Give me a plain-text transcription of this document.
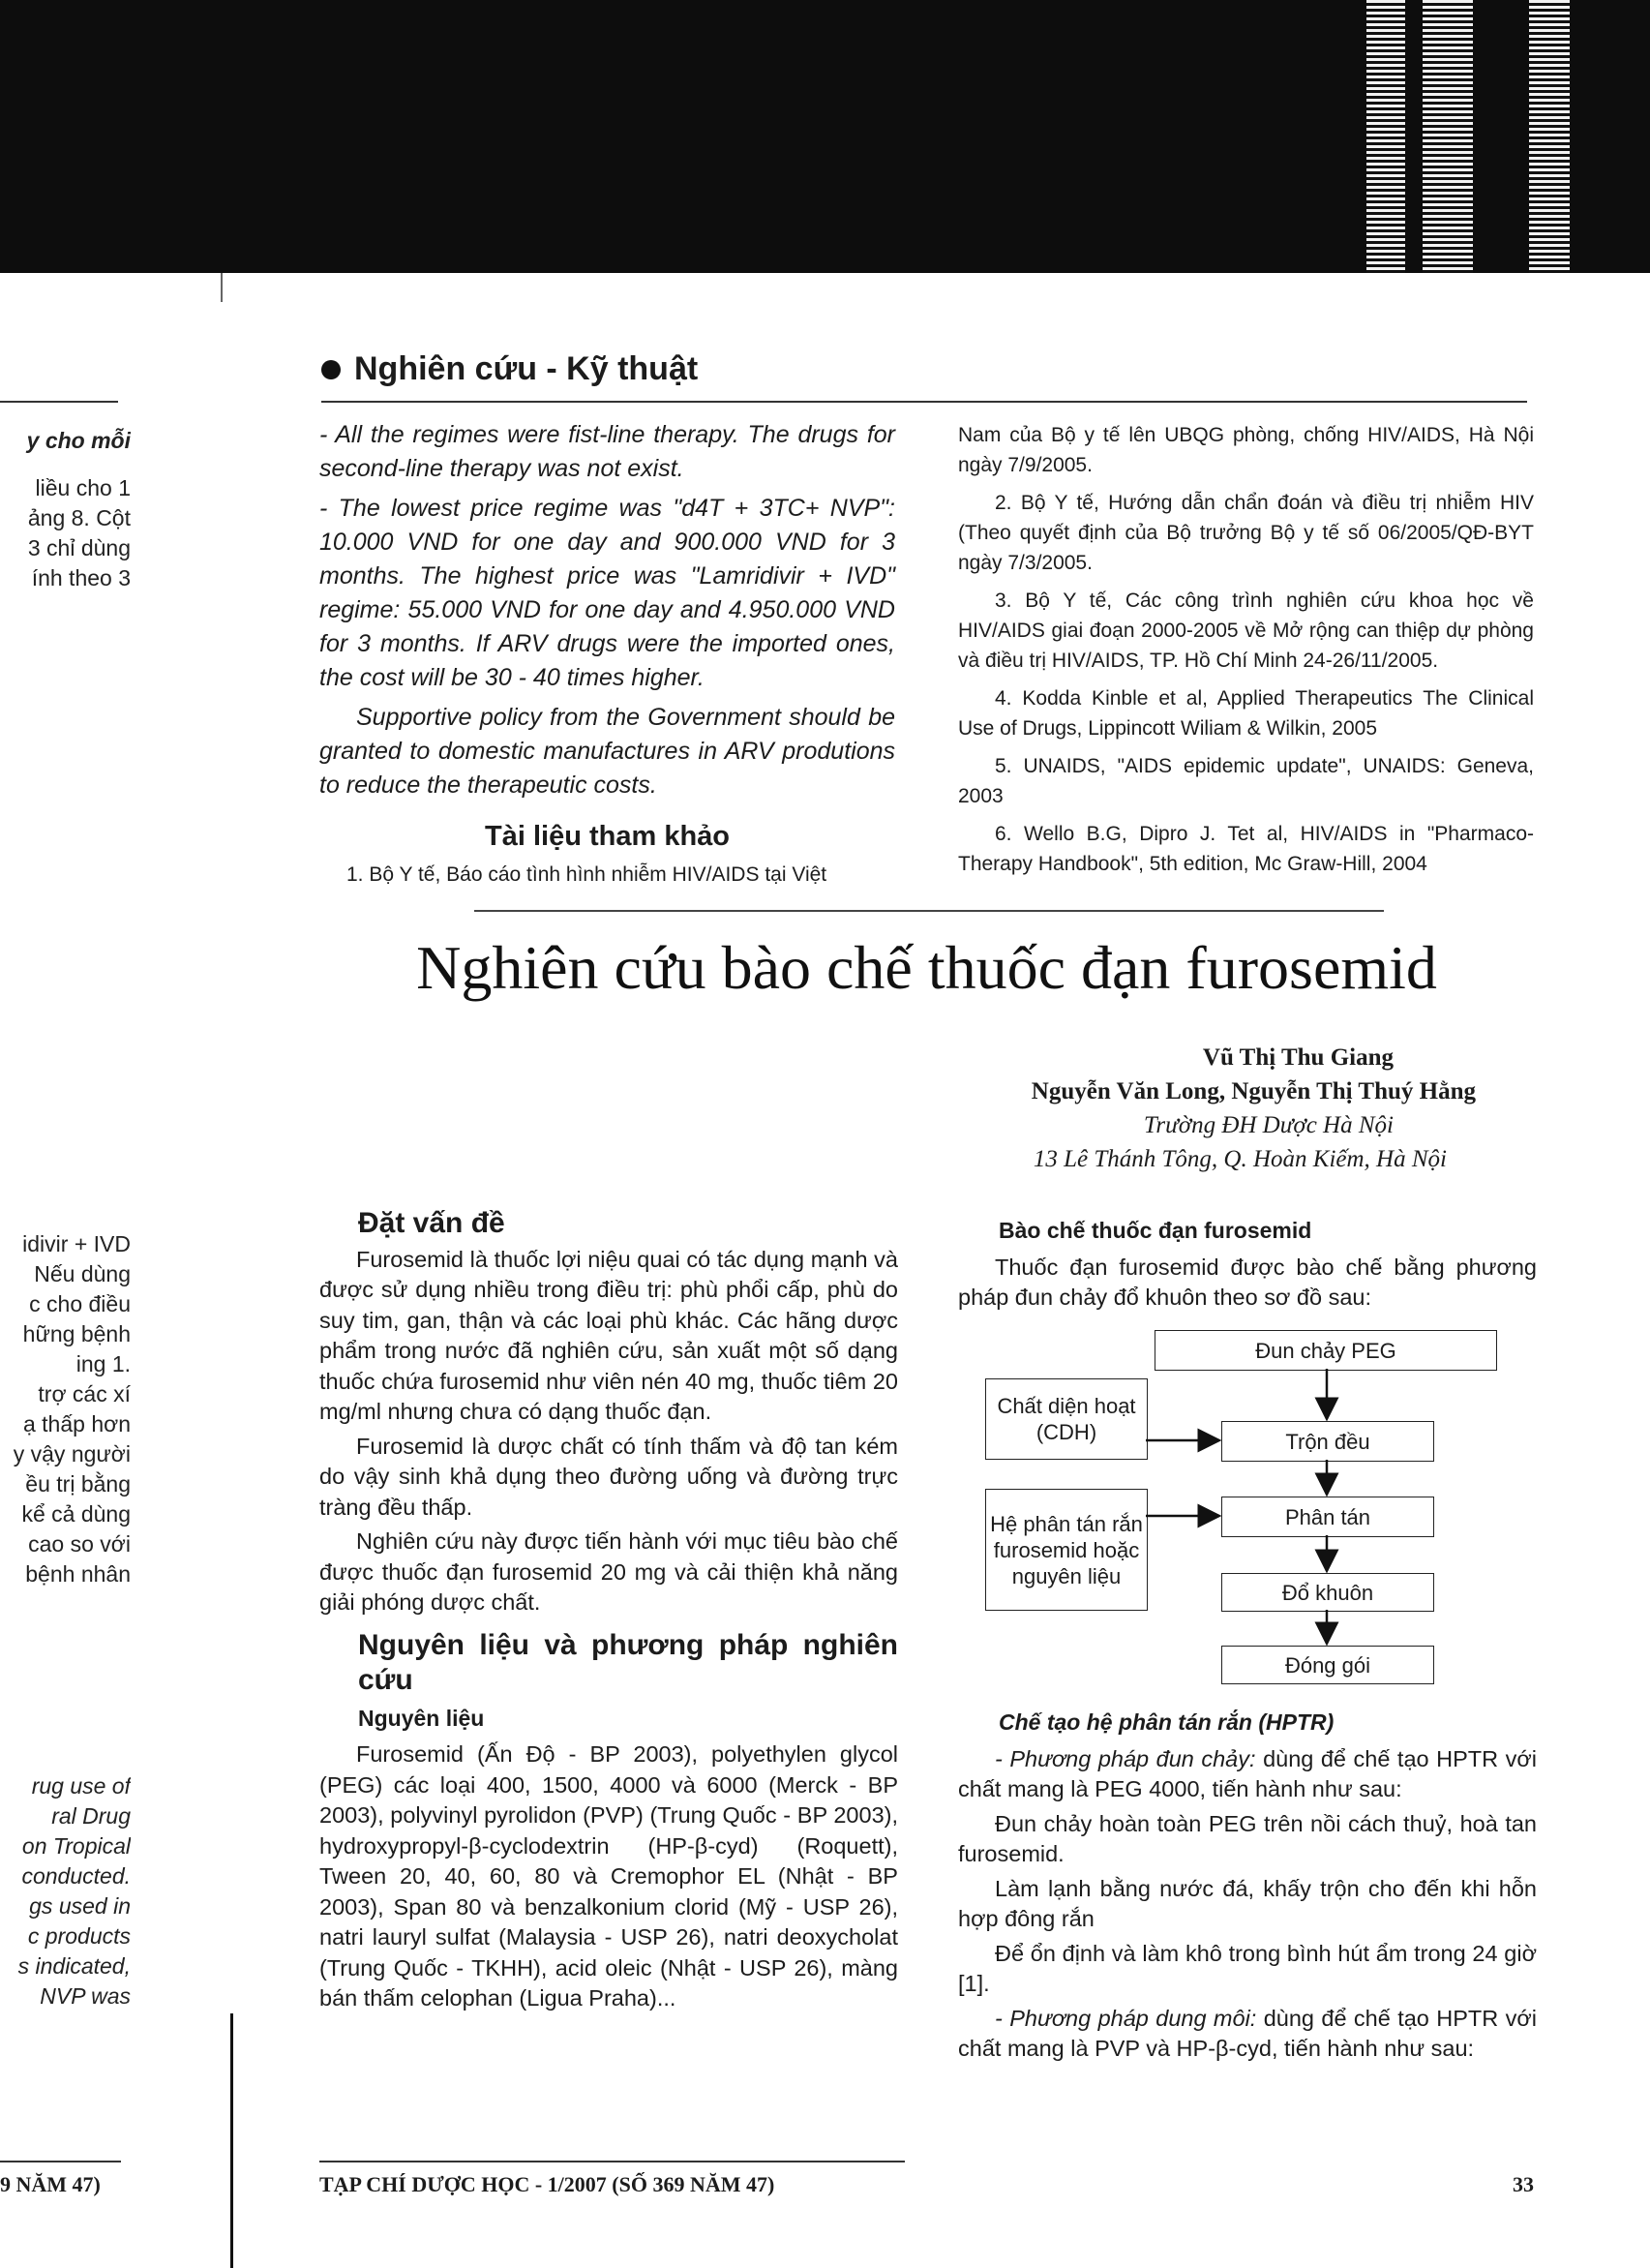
Nghiên cứu - Kỹ thuật
y cho mỗi
liều cho 1
ảng 8. Cột
3 chỉ dùng
ính theo 3
idivir + IVD
Nếu dùng
c cho điều
hững bệnh
ing 1.
trợ các xí
ạ thấp hơn
y vậy người
ều trị bằng
kể cả dùng
cao so với
bệnh nhân
rug use of
ral Drug
on Tropical
conducted.
gs used in
c products
s indicated,
NVP was

- All the regimes were fist-line therapy. The drugs for second-line therapy was not exist.

- The lowest price regime was "d4T + 3TC+ NVP": 10.000 VND for one day and 900.000 VND for 3 months. The highest price was "Lamridivir + IVD" regime: 55.000 VND for one day and 4.950.000 VND for 3 months. If ARV drugs were the imported ones, the cost will be 30 - 40 times higher.

Supportive policy from the Government should be granted to domestic manufactures in ARV produtions to reduce the therapeutic costs.

Tài liệu tham khảo
1. Bộ Y tế, Báo cáo tình hình nhiễm HIV/AIDS tại Việt

Nam của Bộ y tế lên UBQG phòng, chống HIV/AIDS, Hà Nội ngày 7/9/2005.

2. Bộ Y tế, Hướng dẫn chẩn đoán và điều trị nhiễm HIV (Theo quyết định của Bộ trưởng Bộ y tế số 06/2005/QĐ-BYT ngày 7/3/2005.

3. Bộ Y tế, Các công trình nghiên cứu khoa học về HIV/AIDS giai đoạn 2000-2005 về Mở rộng can thiệp dự phòng và điều trị HIV/AIDS, TP. Hồ Chí Minh 24-26/11/2005.

4. Kodda Kinble et al, Applied Therapeutics The Clinical Use of Drugs, Lippincott Wiliam & Wilkin, 2005

5. UNAIDS, "AIDS epidemic update", UNAIDS: Geneva, 2003

6. Wello B.G, Dipro J. Tet al, HIV/AIDS in "Pharmaco-Therapy Handbook", 5th edition, Mc Graw-Hill, 2004

Nghiên cứu bào chế thuốc đạn furosemid
Vũ Thị Thu Giang
Nguyễn Văn Long, Nguyễn Thị Thuý Hằng
Trường ĐH Dược Hà Nội
13 Lê Thánh Tông, Q. Hoàn Kiếm, Hà Nội
Đặt vấn đề

Furosemid là thuốc lợi niệu quai có tác dụng mạnh và được sử dụng nhiều trong điều trị: phù phổi cấp, phù do suy tim, gan, thận và các loại phù khác. Các hãng dược phẩm trong nước đã nghiên cứu, sản xuất một số dạng thuốc chứa furosemid như viên nén 40 mg, thuốc tiêm 20 mg/ml nhưng chưa có dạng thuốc đạn.

Furosemid là dược chất có tính thấm và độ tan kém do vậy sinh khả dụng theo đường uống và đường trực tràng đều thấp.

Nghiên cứu này được tiến hành với mục tiêu bào chế được thuốc đạn furosemid 20 mg và cải thiện khả năng giải phóng dược chất.

Nguyên liệu và phương pháp nghiên cứu
Nguyên liệu

Furosemid (Ấn Độ - BP 2003), polyethylen glycol (PEG) các loại 400, 1500, 4000 và 6000 (Merck - BP 2003), polyvinyl pyrolidon (PVP) (Trung Quốc - BP 2003), hydroxypropyl-β-cyclodextrin (HP-β-cyd) (Roquett), Tween 20, 40, 60, 80 và Cremophor EL (Nhật - BP 2003), Span 80 và benzalkonium clorid (Mỹ - USP 26), natri lauryl sulfat (Malaysia - USP 26), natri deoxycholat (Trung Quốc - TKHH), acid oleic (Nhật - USP 26), màng bán thấm celophan (Ligua Praha)...

Bào chế thuốc đạn furosemid

Thuốc đạn furosemid được bào chế bằng phương pháp đun chảy đổ khuôn theo sơ đồ sau:

Đun chảy PEG
Chất diện hoạt (CDH)	Trộn đều
Hệ phân tán rắn furosemid hoặc nguyên liệu
Phân tán
Đổ khuôn
Đóng gói
Chế tạo hệ phân tán rắn (HPTR)

- Phương pháp đun chảy: dùng để chế tạo HPTR với chất mang là PEG 4000, tiến hành như sau:

Đun chảy hoàn toàn PEG trên nồi cách thuỷ, hoà tan furosemid.

Làm lạnh bằng nước đá, khấy trộn cho đến khi hỗn hợp đông rắn

Để ổn định và làm khô trong bình hút ẩm trong 24 giờ [1].

- Phương pháp dung môi: dùng để chế tạo HPTR với chất mang là PVP và HP-β-cyd, tiến hành như sau:

9 NĂM 47)	TẠP CHÍ DƯỢC HỌC - 1/2007 (SỐ 369 NĂM 47)	33
